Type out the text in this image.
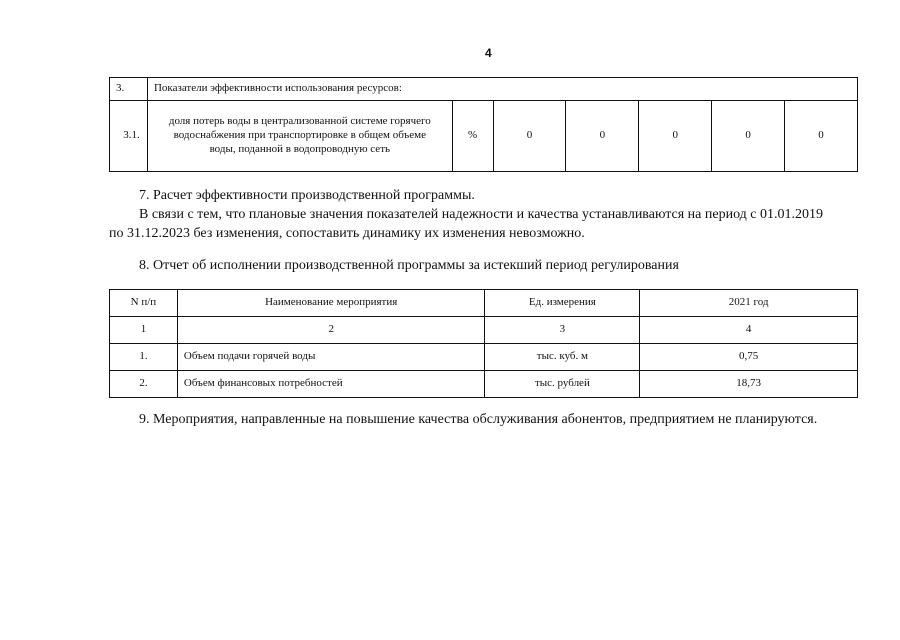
4
3.	Показатели эффективности использования ресурсов:						
3.1.	доля потерь воды в централизованной системе горячего водоснабжения при транспортировке в общем объеме воды, поданной в водопроводную сеть	%	0	0	0	0	0
7. Расчет эффективности производственной программы.
В связи с тем, что плановые значения показателей надежности и качества устанавливаются на период с 01.01.2019
по 31.12.2023 без изменения, сопоставить динамику их изменения невозможно.
8. Отчет об исполнении производственной программы за истекший период регулирования
N п/п	Наименование мероприятия	Ед. измерения	2021 год
1	2	3	4
1.	Объем подачи горячей воды	тыс. куб. м	0,75
2.	Объем финансовых потребностей	тыс. рублей	18,73
9. Мероприятия, направленные на повышение качества обслуживания абонентов, предприятием не планируются.
